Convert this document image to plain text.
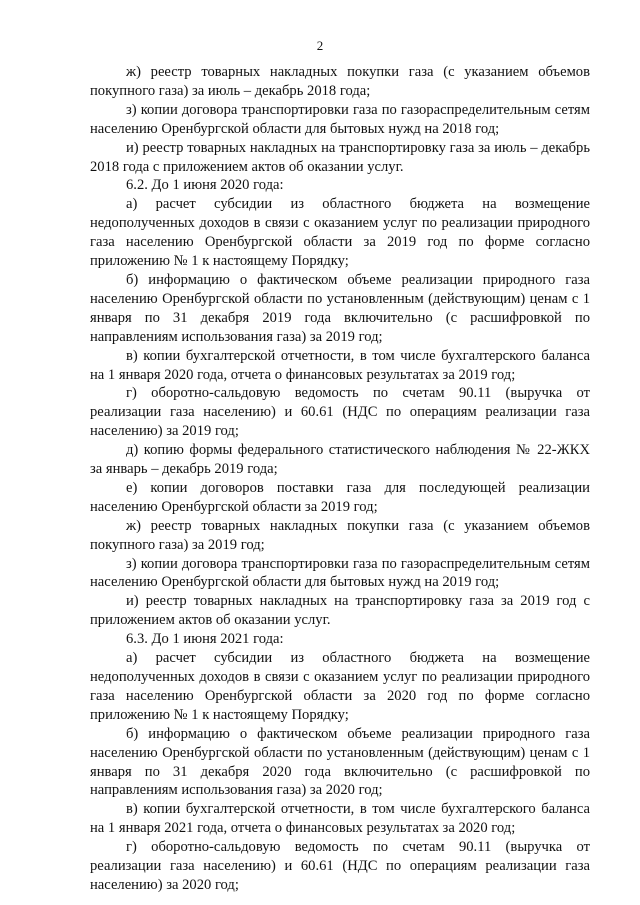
2

ж) реестр товарных накладных покупки газа (с указанием объемов покупного газа) за июль – декабрь 2018 года;

з) копии договора транспортировки газа по газораспределительным сетям населению Оренбургской области для бытовых нужд на 2018 год;

и) реестр товарных накладных на транспортировку газа за июль – декабрь 2018 года с приложением актов об оказании услуг.

6.2. До 1 июня 2020 года:

а) расчет субсидии из областного бюджета на возмещение недополученных доходов в связи с оказанием услуг по реализации природного газа населению Оренбургской области за 2019 год по форме согласно приложению № 1 к настоящему Порядку;

б) информацию о фактическом объеме реализации природного газа населению Оренбургской области по установленным (действующим) ценам с 1 января по 31 декабря 2019 года включительно (с расшифровкой по направлениям использования газа) за 2019 год;

в) копии бухгалтерской отчетности, в том числе бухгалтерского баланса на 1 января 2020 года, отчета о финансовых результатах за 2019 год;

г) оборотно-сальдовую ведомость по счетам 90.11 (выручка от реализации газа населению) и 60.61 (НДС по операциям реализации газа населению) за 2019 год;

д) копию формы федерального статистического наблюдения № 22-ЖКХ за январь – декабрь 2019 года;

е) копии договоров поставки газа для последующей реализации населению Оренбургской области за 2019 год;

ж) реестр товарных накладных покупки газа (с указанием объемов покупного газа) за 2019 год;

з) копии договора транспортировки газа по газораспределительным сетям населению Оренбургской области для бытовых нужд на 2019 год;

и) реестр товарных накладных на транспортировку газа за 2019 год с приложением актов об оказании услуг.

6.3. До 1 июня 2021 года:

а) расчет субсидии из областного бюджета на возмещение недополученных доходов в связи с оказанием услуг по реализации природного газа населению Оренбургской области за 2020 год по форме согласно приложению № 1 к настоящему Порядку;

б) информацию о фактическом объеме реализации природного газа населению Оренбургской области по установленным (действующим) ценам с 1 января по 31 декабря 2020 года включительно (с расшифровкой по направлениям использования газа) за 2020 год;

в) копии бухгалтерской отчетности, в том числе бухгалтерского баланса на 1 января 2021 года, отчета о финансовых результатах за 2020 год;

г) оборотно-сальдовую ведомость по счетам 90.11 (выручка от реализации газа населению) и 60.61 (НДС по операциям реализации газа населению) за 2020 год;
